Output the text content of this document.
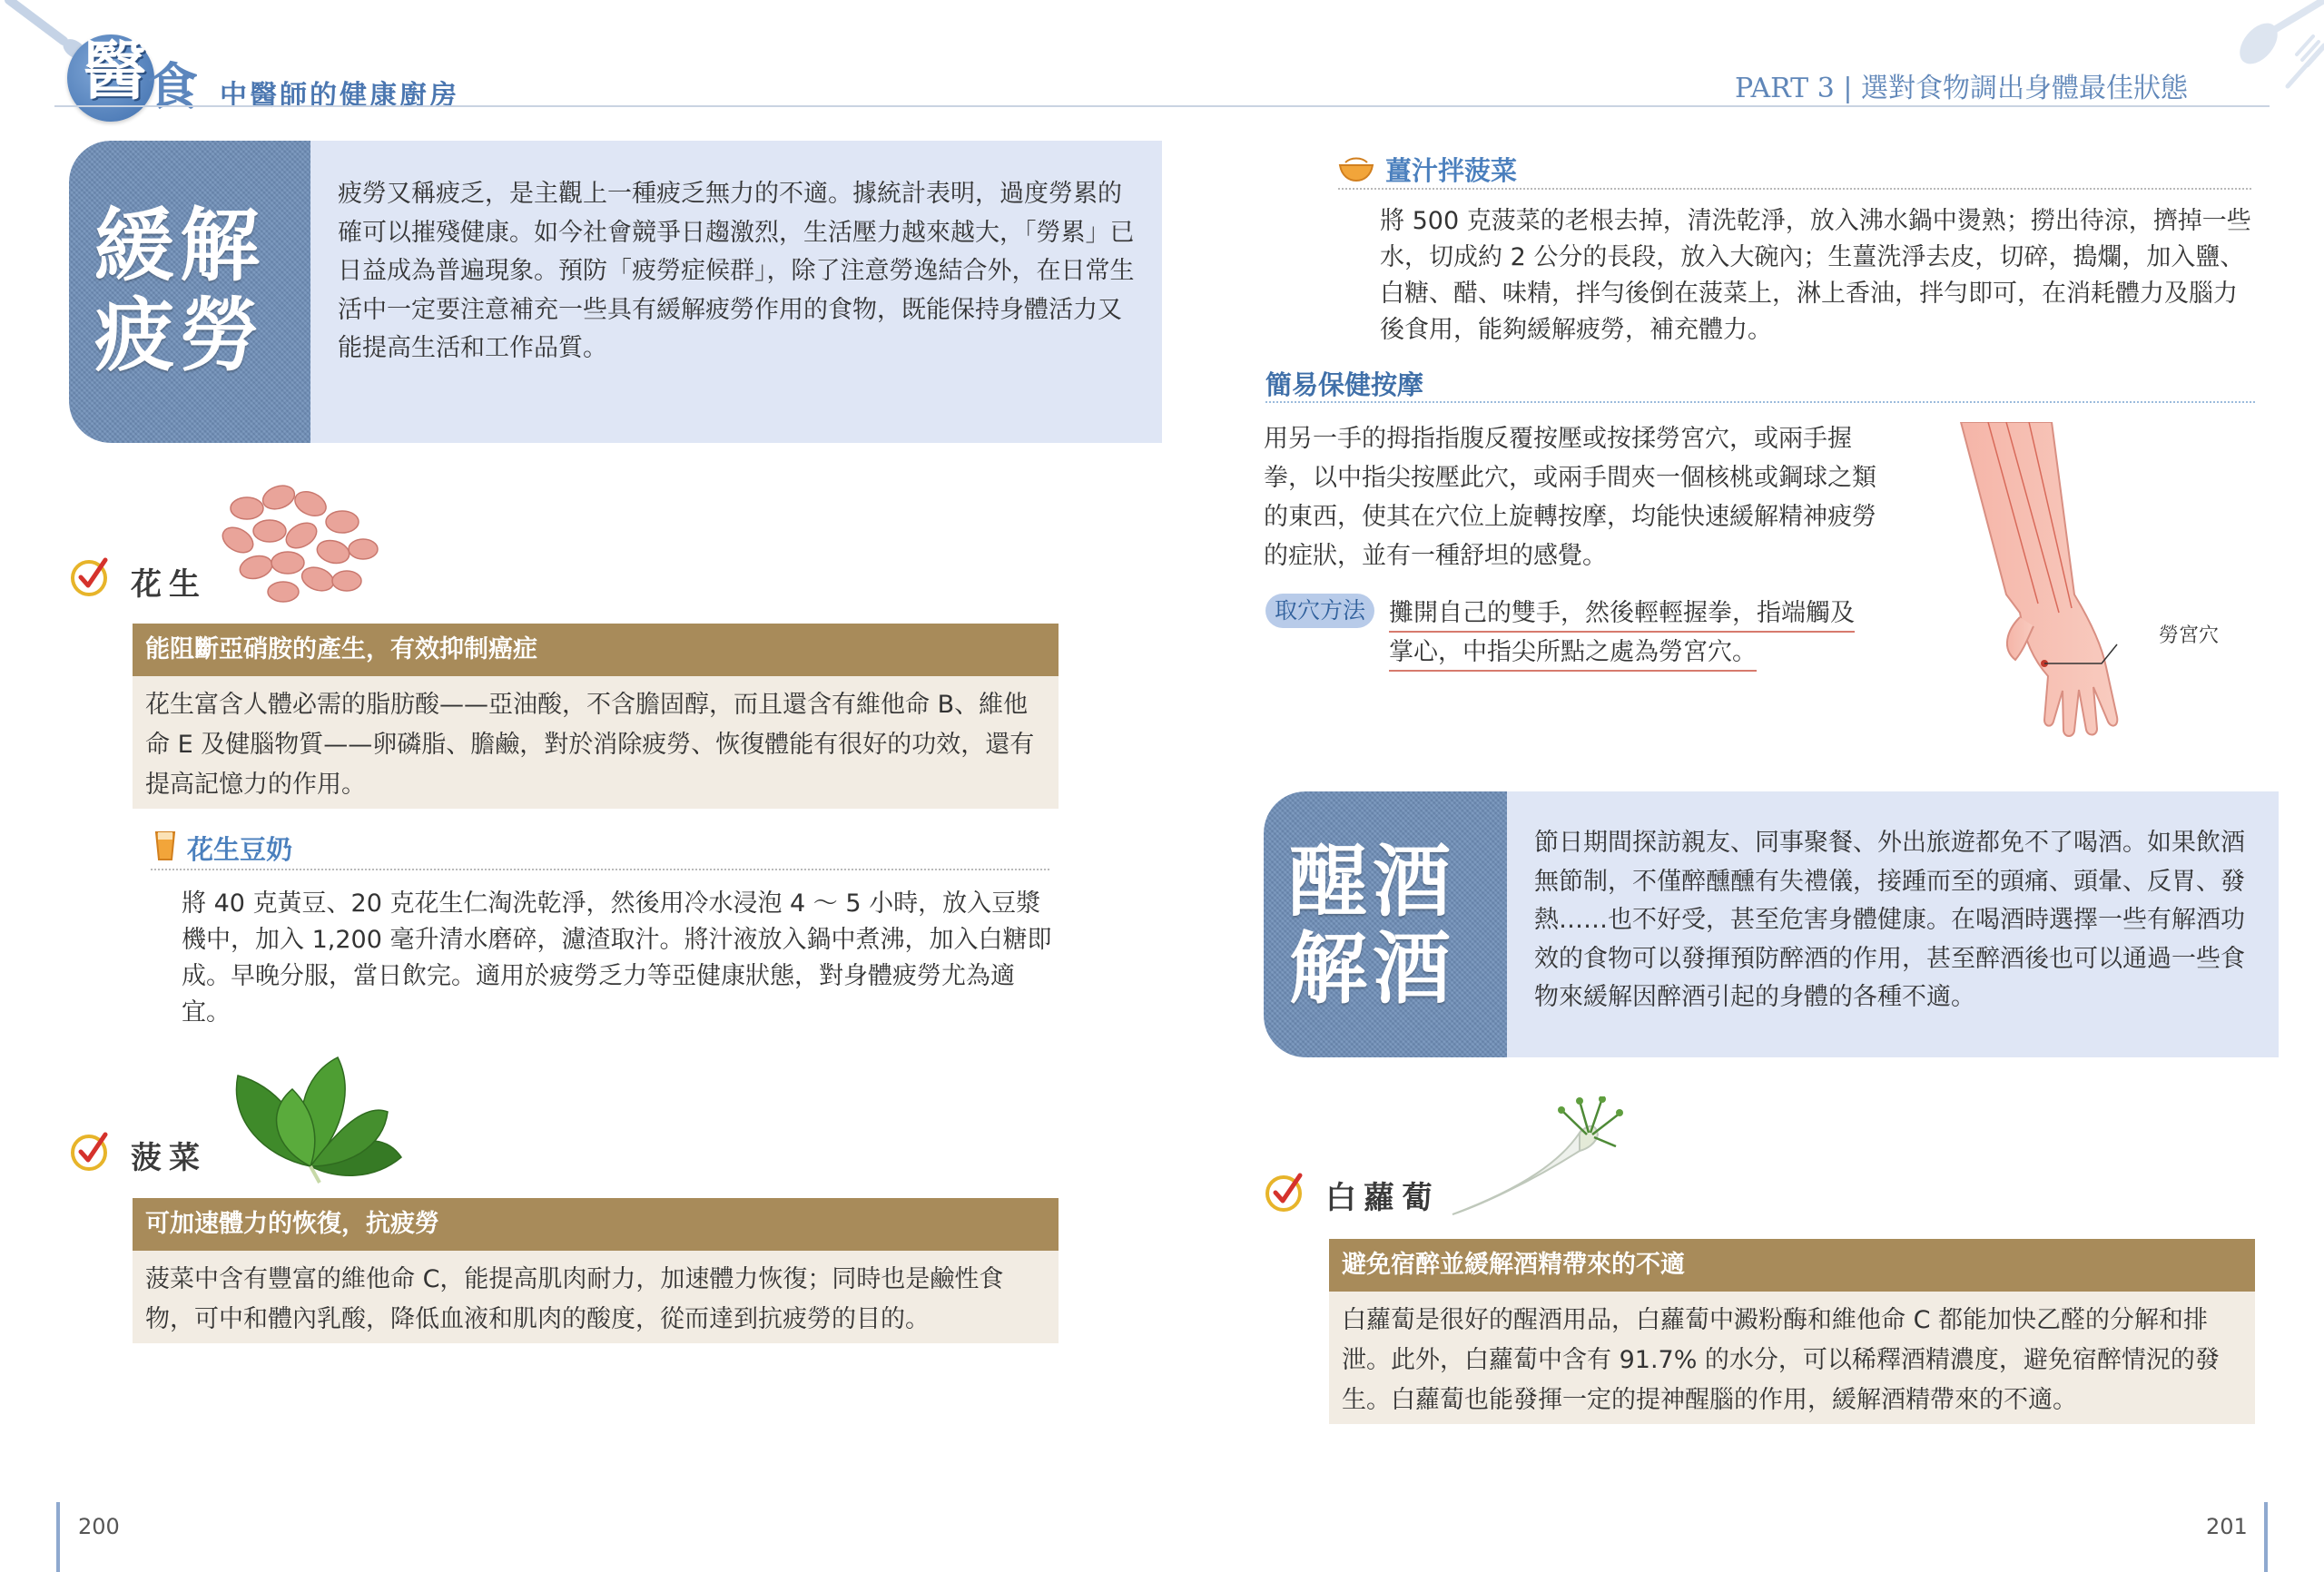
醫 食 中醫師的健康廚房	PART 3 | 選對食物調出身體最佳狀態
緩解
疲勞
疲勞又稱疲乏，是主觀上一種疲乏無力的不適。據統計表明，過度勞累的確可以摧殘健康。如今社會競爭日趨激烈，生活壓力越來越大，「勞累」已日益成為普遍現象。預防「疲勞症候群」，除了注意勞逸結合外，在日常生活中一定要注意補充一些具有緩解疲勞作用的食物，既能保持身體活力又能提高生活和工作品質。
花生
能阻斷亞硝胺的產生，有效抑制癌症
花生富含人體必需的脂肪酸——亞油酸，不含膽固醇，而且還含有維他命 B、維他命 E 及健腦物質——卵磷脂、膽鹼，對於消除疲勞、恢復體能有很好的功效，還有提高記憶力的作用。
花生豆奶
將 40 克黃豆、20 克花生仁淘洗乾淨，然後用冷水浸泡 4 ～ 5 小時，放入豆漿機中，加入 1,200 毫升清水磨碎，濾渣取汁。將汁液放入鍋中煮沸，加入白糖即成。早晚分服，當日飲完。適用於疲勞乏力等亞健康狀態，對身體疲勞尤為適宜。
菠菜
可加速體力的恢復，抗疲勞
菠菜中含有豐富的維他命 C，能提高肌肉耐力，加速體力恢復；同時也是鹼性食物，可中和體內乳酸，降低血液和肌肉的酸度，從而達到抗疲勞的目的。
200
薑汁拌菠菜
將 500 克菠菜的老根去掉，清洗乾淨，放入沸水鍋中燙熟；撈出待涼，擠掉一些水，切成約 2 公分的長段，放入大碗內；生薑洗淨去皮，切碎，搗爛，加入鹽、白糖、醋、味精，拌勻後倒在菠菜上，淋上香油，拌勻即可，在消耗體力及腦力後食用，能夠緩解疲勞，補充體力。
簡易保健按摩
用另一手的拇指指腹反覆按壓或按揉勞宮穴，或兩手握拳，以中指尖按壓此穴，或兩手間夾一個核桃或鋼球之類的東西，使其在穴位上旋轉按摩，均能快速緩解精神疲勞的症狀，並有一種舒坦的感覺。
取穴方法 攤開自己的雙手，然後輕輕握拳，指端觸及
掌心，中指尖所點之處為勞宮穴。
勞宮穴
醒酒
解酒
節日期間探訪親友、同事聚餐、外出旅遊都免不了喝酒。如果飲酒無節制，不僅醉醺醺有失禮儀，接踵而至的頭痛、頭暈、反胃、發熱……也不好受，甚至危害身體健康。在喝酒時選擇一些有解酒功效的食物可以發揮預防醉酒的作用，甚至醉酒後也可以通過一些食物來緩解因醉酒引起的身體的各種不適。
白蘿蔔
避免宿醉並緩解酒精帶來的不適
白蘿蔔是很好的醒酒用品，白蘿蔔中澱粉酶和維他命 C 都能加快乙醛的分解和排泄。此外，白蘿蔔中含有 91.7% 的水分，可以稀釋酒精濃度，避免宿醉情況的發生。白蘿蔔也能發揮一定的提神醒腦的作用，緩解酒精帶來的不適。
201
